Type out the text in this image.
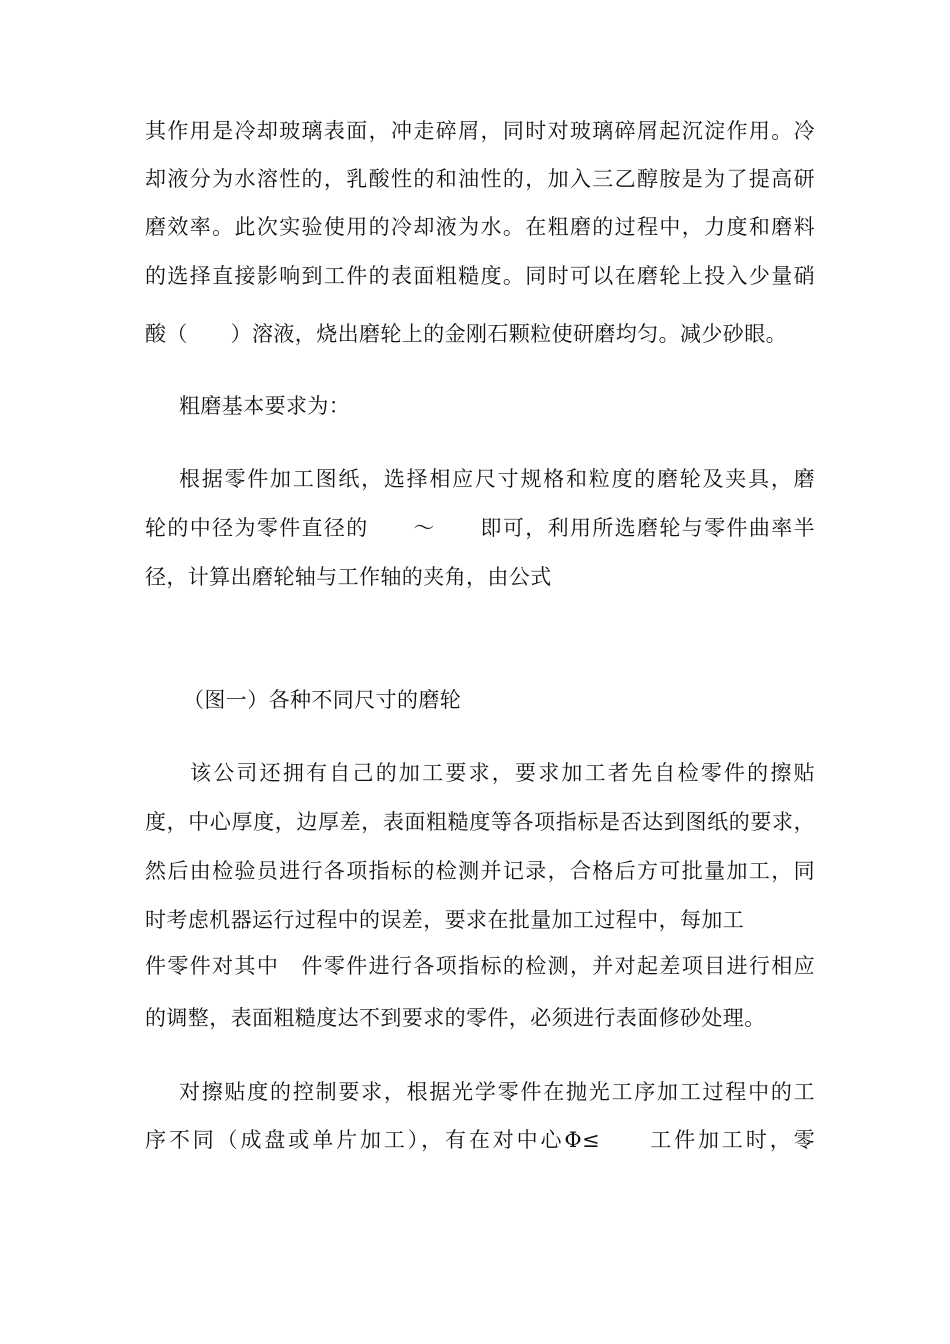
其作用是冷却玻璃表面，冲走碎屑，同时对玻璃碎屑起沉淀作用。冷
却液分为水溶性的，乳酸性的和油性的，加入三乙醇胺是为了提高研
磨效率。此次实验使用的冷却液为水。在粗磨的过程中，力度和磨料
的选择直接影响到工件的表面粗糙度。同时可以在磨轮上投入少量硝
酸（　　）溶液，烧出磨轮上的金刚石颗粒使研磨均匀。减少砂眼。
粗磨基本要求为：
根据零件加工图纸，选择相应尺寸规格和粒度的磨轮及夹具，磨
轮的中径为零件直径的　　～　　即可，利用所选磨轮与零件曲率半
径，计算出磨轮轴与工作轴的夹角，由公式
（图一）各种不同尺寸的磨轮
该公司还拥有自己的加工要求，要求加工者先自检零件的擦贴
度，中心厚度，边厚差，表面粗糙度等各项指标是否达到图纸的要求，
然后由检验员进行各项指标的检测并记录，合格后方可批量加工，同
时考虑机器运行过程中的误差，要求在批量加工过程中，每加工
件零件对其中　件零件进行各项指标的检测，并对起差项目进行相应
的调整，表面粗糙度达不到要求的零件，必须进行表面修砂处理。
对擦贴度的控制要求，根据光学零件在抛光工序加工过程中的工
序不同（成盘或单片加工），有在对中心Φ≤　　工件加工时，零
